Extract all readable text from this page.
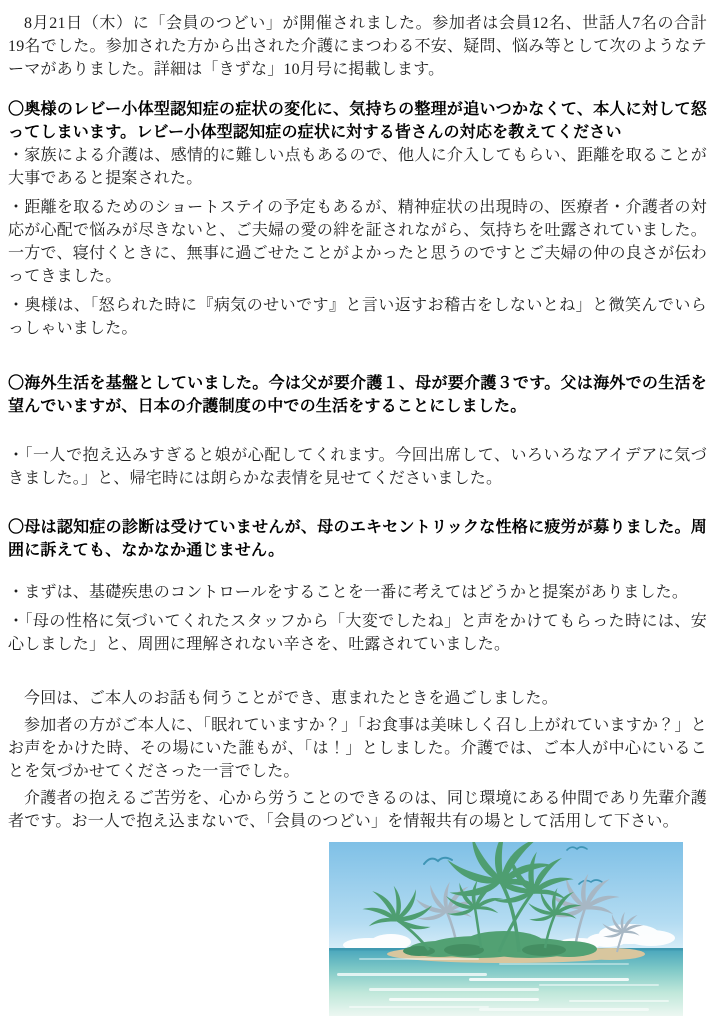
8月21日（木）に「会員のつどい」が開催されました。参加者は会員12名、世話人7名の合計 19名でした。参加された方から出された介護にまつわる不安、疑問、悩み等として次のようなテーマがありました。詳細は「きずな」10月号に掲載します。

〇奥様のレビー小体型認知症の症状の変化に、気持ちの整理が追いつかなくて、本人に対して怒ってしまいます。レビー小体型認知症の症状に対する皆さんの対応を教えてください

・家族による介護は、感情的に難しい点もあるので、他人に介入してもらい、距離を取ることが大事であると提案された。

・距離を取るためのショートステイの予定もあるが、精神症状の出現時の、医療者・介護者の対応が心配で悩みが尽きないと、ご夫婦の愛の絆を証されながら、気持ちを吐露されていました。一方で、寝付くときに、無事に過ごせたことがよかったと思うのですとご夫婦の仲の良さが伝わってきました。

・奥様は、「怒られた時に『病気のせいです』と言い返すお稽古をしないとね」と微笑んでいらっしゃいました。

〇海外生活を基盤としていました。今は父が要介護１、母が要介護３です。父は海外での生活を望んでいますが、日本の介護制度の中での生活をすることにしました。

・「一人で抱え込みすぎると娘が心配してくれます。今回出席して、いろいろなアイデアに気づきました。」と、帰宅時には朗らかな表情を見せてくださいました。

〇母は認知症の診断は受けていませんが、母のエキセントリックな性格に疲労が募りました。周囲に訴えても、なかなか通じません。

・まずは、基礎疾患のコントロールをすることを一番に考えてはどうかと提案がありました。

・「母の性格に気づいてくれたスタッフから「大変でしたね」と声をかけてもらった時には、安心しました」と、周囲に理解されない辛さを、吐露されていました。

今回は、ご本人のお話も伺うことができ、恵まれたときを過ごしました。

参加者の方がご本人に、「眠れていますか？」「お食事は美味しく召し上がれていますか？」とお声をかけた時、その場にいた誰もが、「は！」としました。介護では、ご本人が中心にいることを気づかせてくださった一言でした。

介護者の抱えるご苦労を、心から労うことのできるのは、同じ環境にある仲間であり先輩介護者です。お一人で抱え込まないで、「会員のつどい」を情報共有の場として活用して下さい。
